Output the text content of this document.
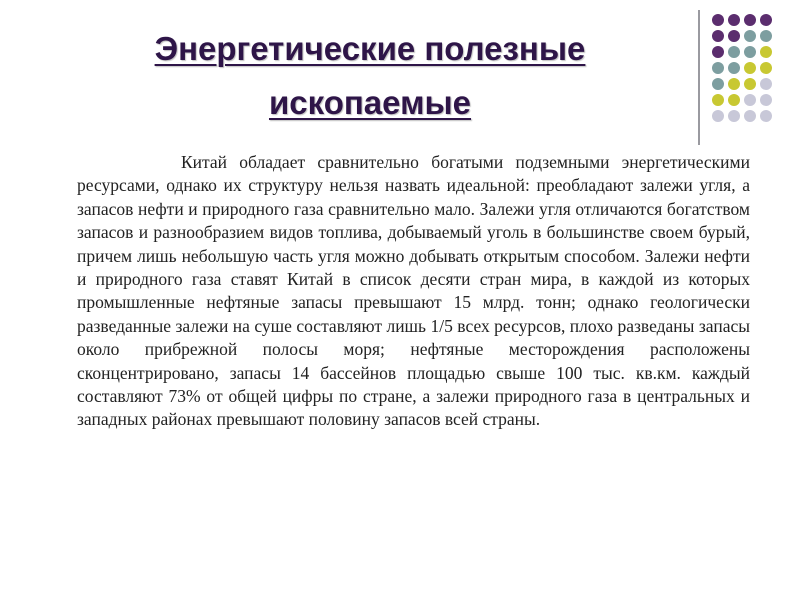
Энергетические полезные
ископаемые

Китай обладает сравнительно богатыми подземными энергетическими ресурсами, однако их структуру нельзя назвать идеальной: преобладают залежи угля, а запасов нефти и природного газа сравнительно мало. Залежи угля отличаются богатством запасов и разнообразием видов топлива, добываемый уголь в большинстве своем бурый, причем лишь небольшую часть угля можно добывать открытым способом. Залежи нефти и природного газа ставят Китай в список десяти стран мира, в каждой из которых промышленные нефтяные запасы превышают 15 млрд. тонн; однако геологически разведанные залежи на суше составляют лишь 1/5 всех ресурсов, плохо разведаны запасы около прибрежной полосы моря; нефтяные месторождения расположены сконцентрировано, запасы 14 бассейнов площадью свыше 100 тыс. кв.км. каждый составляют 73% от общей цифры по стране, а залежи природного газа в центральных и западных районах превышают половину запасов всей страны.
